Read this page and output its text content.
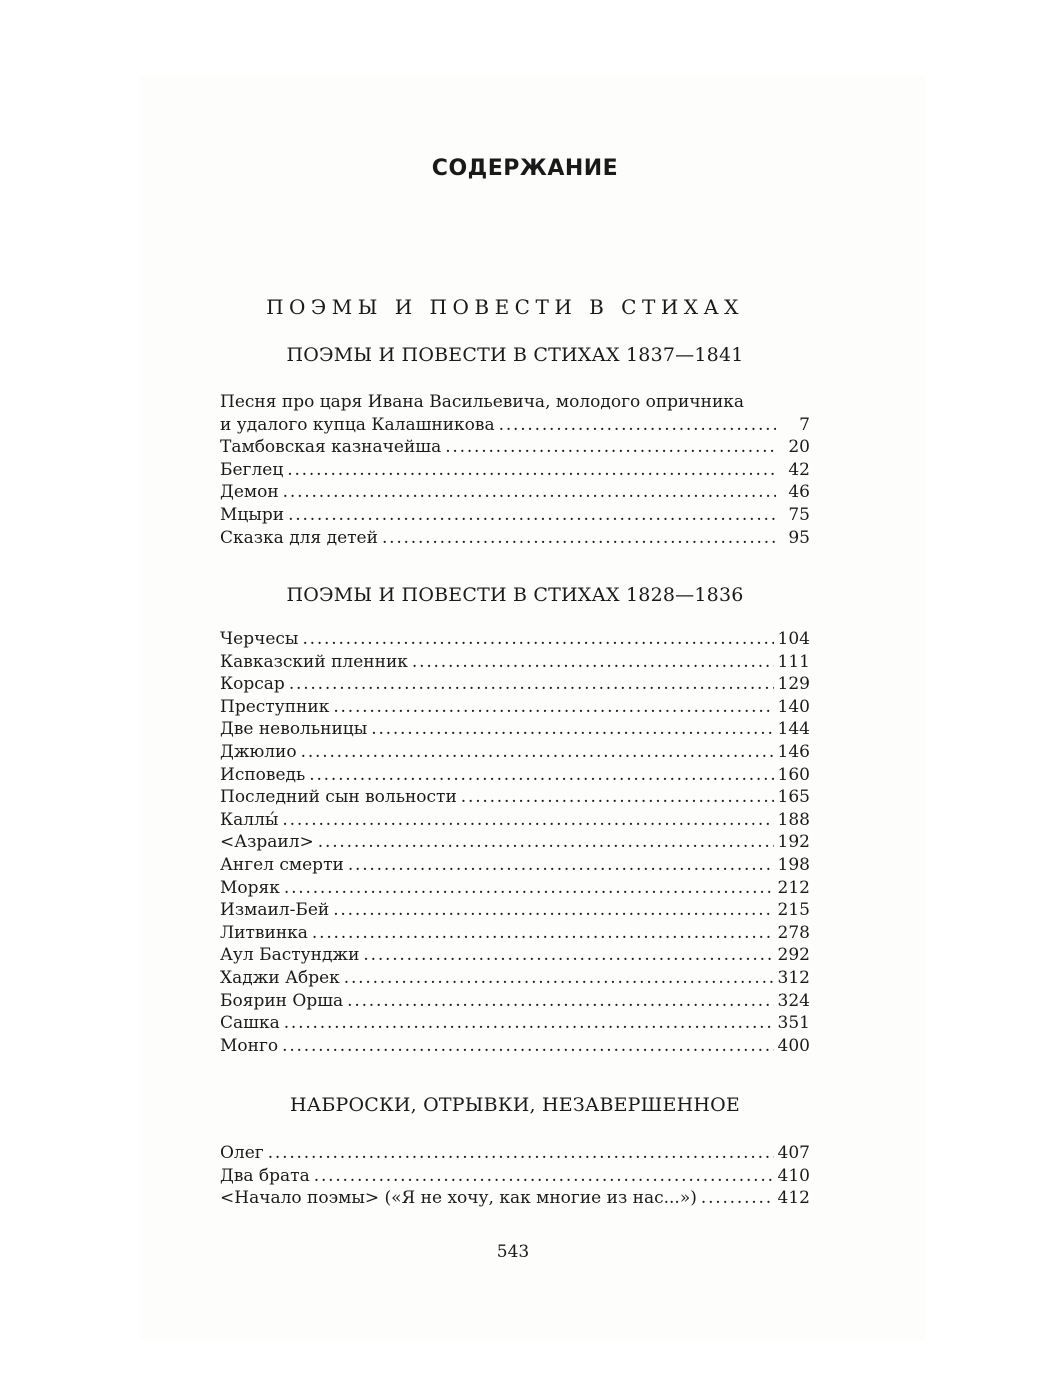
СОДЕРЖАНИЕ
ПОЭМЫ И ПОВЕСТИ В СТИХАХ
ПОЭМЫ И ПОВЕСТИ В СТИХАХ 1837—1841
Песня про царя Ивана Васильевича, молодого опричника
и удалого купца Калашникова .....	7
Тамбовская казначейша .....	20
Беглец .....	42
Демон .....	46
Мцыри .....	75
Сказка для детей .....	95
ПОЭМЫ И ПОВЕСТИ В СТИХАХ 1828—1836
Черчесы .....	104
Кавказский пленник .....	111
Корсар .....	129
Преступник .....	140
Две невольницы .....	144
Джюлио .....	146
Исповедь .....	160
Последний сын вольности .....	165
Каллы́ .....	188
<Азраил> .....	192
Ангел смерти .....	198
Моряк .....	212
Измаил-Бей .....	215
Литвинка .....	278
Аул Бастунджи .....	292
Хаджи Абрек .....	312
Боярин Орша .....	324
Сашка .....	351
Монго .....	400
НАБРОСКИ, ОТРЫВКИ, НЕЗАВЕРШЕННОЕ
Олег .....	407
Два брата .....	410
<Начало поэмы> («Я не хочу, как многие из нас...») .....	412
543
